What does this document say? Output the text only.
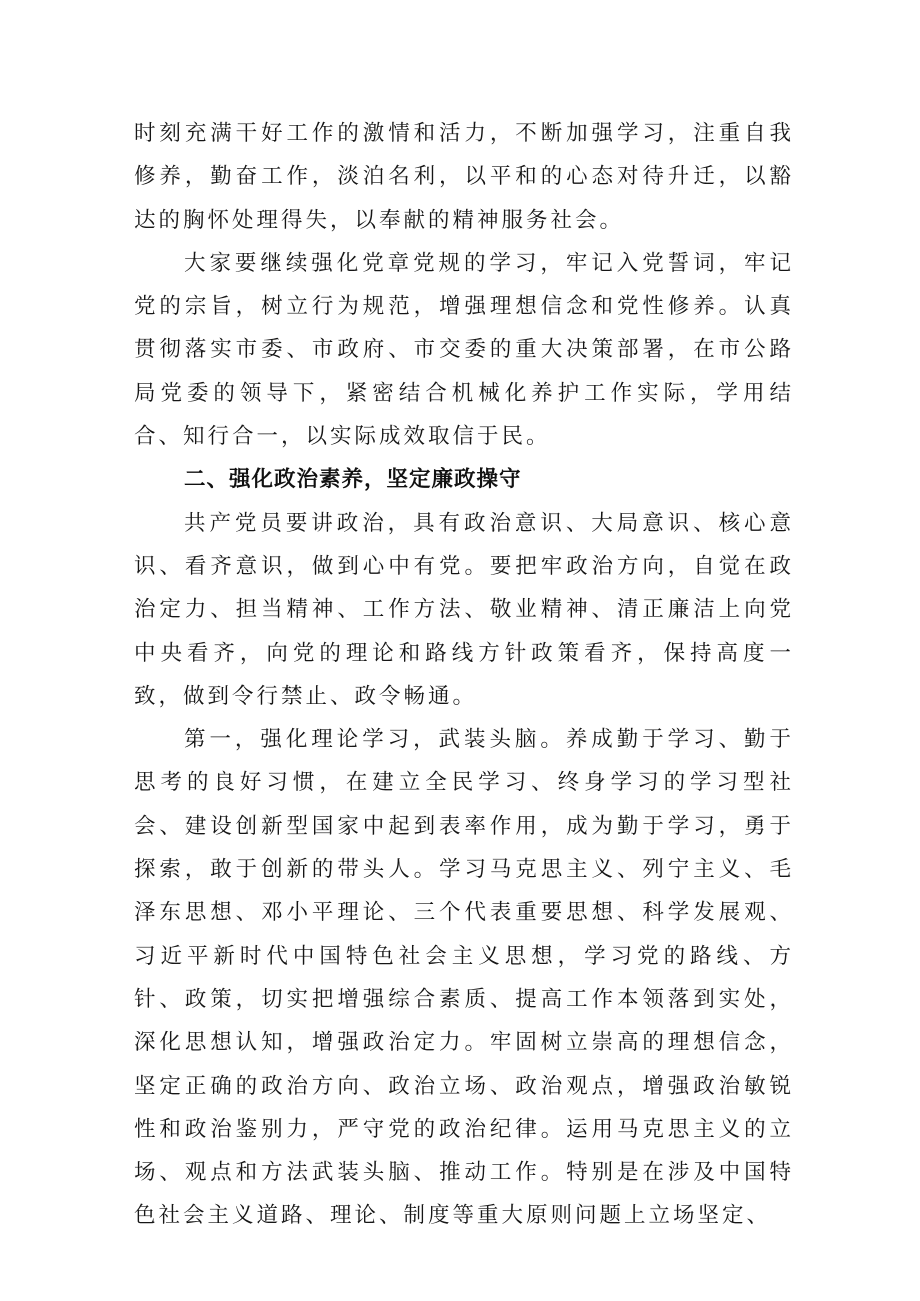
时刻充满干好工作的激情和活力，不断加强学习，注重自我修养，勤奋工作，淡泊名利，以平和的心态对待升迁，以豁达的胸怀处理得失，以奉献的精神服务社会。

大家要继续强化党章党规的学习，牢记入党誓词，牢记党的宗旨，树立行为规范，增强理想信念和党性修养。认真贯彻落实市委、市政府、市交委的重大决策部署，在市公路局党委的领导下，紧密结合机械化养护工作实际，学用结合、知行合一，以实际成效取信于民。

二、强化政治素养，坚定廉政操守

共产党员要讲政治，具有政治意识、大局意识、核心意识、看齐意识，做到心中有党。要把牢政治方向，自觉在政治定力、担当精神、工作方法、敬业精神、清正廉洁上向党中央看齐，向党的理论和路线方针政策看齐，保持高度一致，做到令行禁止、政令畅通。

第一，强化理论学习，武装头脑。养成勤于学习、勤于思考的良好习惯，在建立全民学习、终身学习的学习型社会、建设创新型国家中起到表率作用，成为勤于学习，勇于探索，敢于创新的带头人。学习马克思主义、列宁主义、毛泽东思想、邓小平理论、三个代表重要思想、科学发展观、习近平新时代中国特色社会主义思想，学习党的路线、方针、政策，切实把增强综合素质、提高工作本领落到实处，深化思想认知，增强政治定力。牢固树立崇高的理想信念，坚定正确的政治方向、政治立场、政治观点，增强政治敏锐性和政治鉴别力，严守党的政治纪律。运用马克思主义的立场、观点和方法武装头脑、推动工作。特别是在涉及中国特色社会主义道路、理论、制度等重大原则问题上立场坚定、
